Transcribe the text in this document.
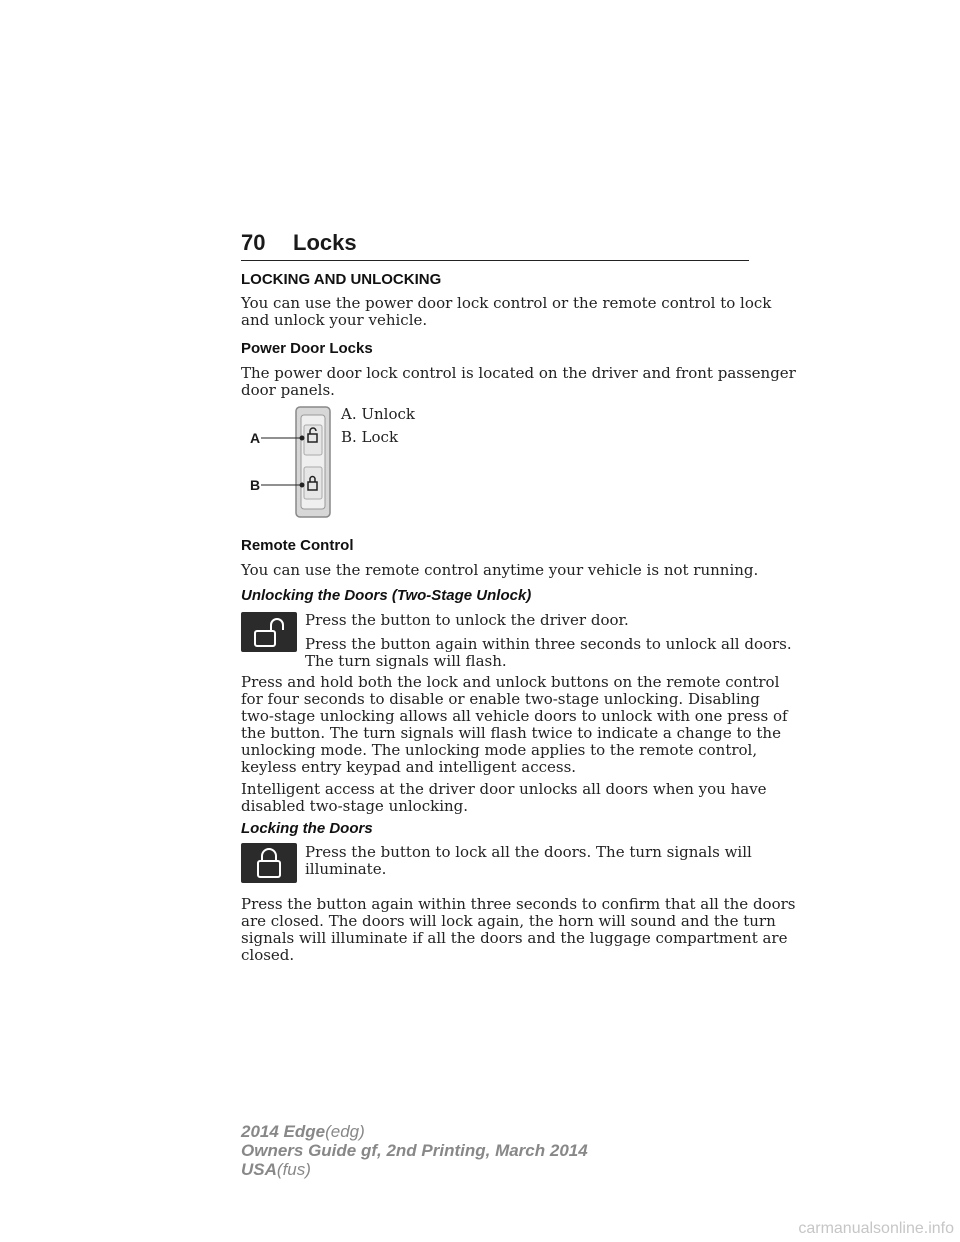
70 Locks
LOCKING AND UNLOCKING
You can use the power door lock control or the remote control to lock
and unlock your vehicle.
Power Door Locks
The power door lock control is located on the driver and front passenger
door panels.
A
B
A. Unlock
B. Lock
Remote Control
You can use the remote control anytime your vehicle is not running.
Unlocking the Doors (Two-Stage Unlock)
Press the button to unlock the driver door.
Press the button again within three seconds to unlock all doors.
The turn signals will flash.
Press and hold both the lock and unlock buttons on the remote control
for four seconds to disable or enable two-stage unlocking. Disabling
two-stage unlocking allows all vehicle doors to unlock with one press of
the button. The turn signals will flash twice to indicate a change to the
unlocking mode. The unlocking mode applies to the remote control,
keyless entry keypad and intelligent access.
Intelligent access at the driver door unlocks all doors when you have
disabled two-stage unlocking.
Locking the Doors
Press the button to lock all the doors. The turn signals will
illuminate.
Press the button again within three seconds to confirm that all the doors
are closed. The doors will lock again, the horn will sound and the turn
signals will illuminate if all the doors and the luggage compartment are
closed.
2014 Edge(edg)
Owners Guide gf, 2nd Printing, March 2014
USA(fus)
carmanualsonline.info
